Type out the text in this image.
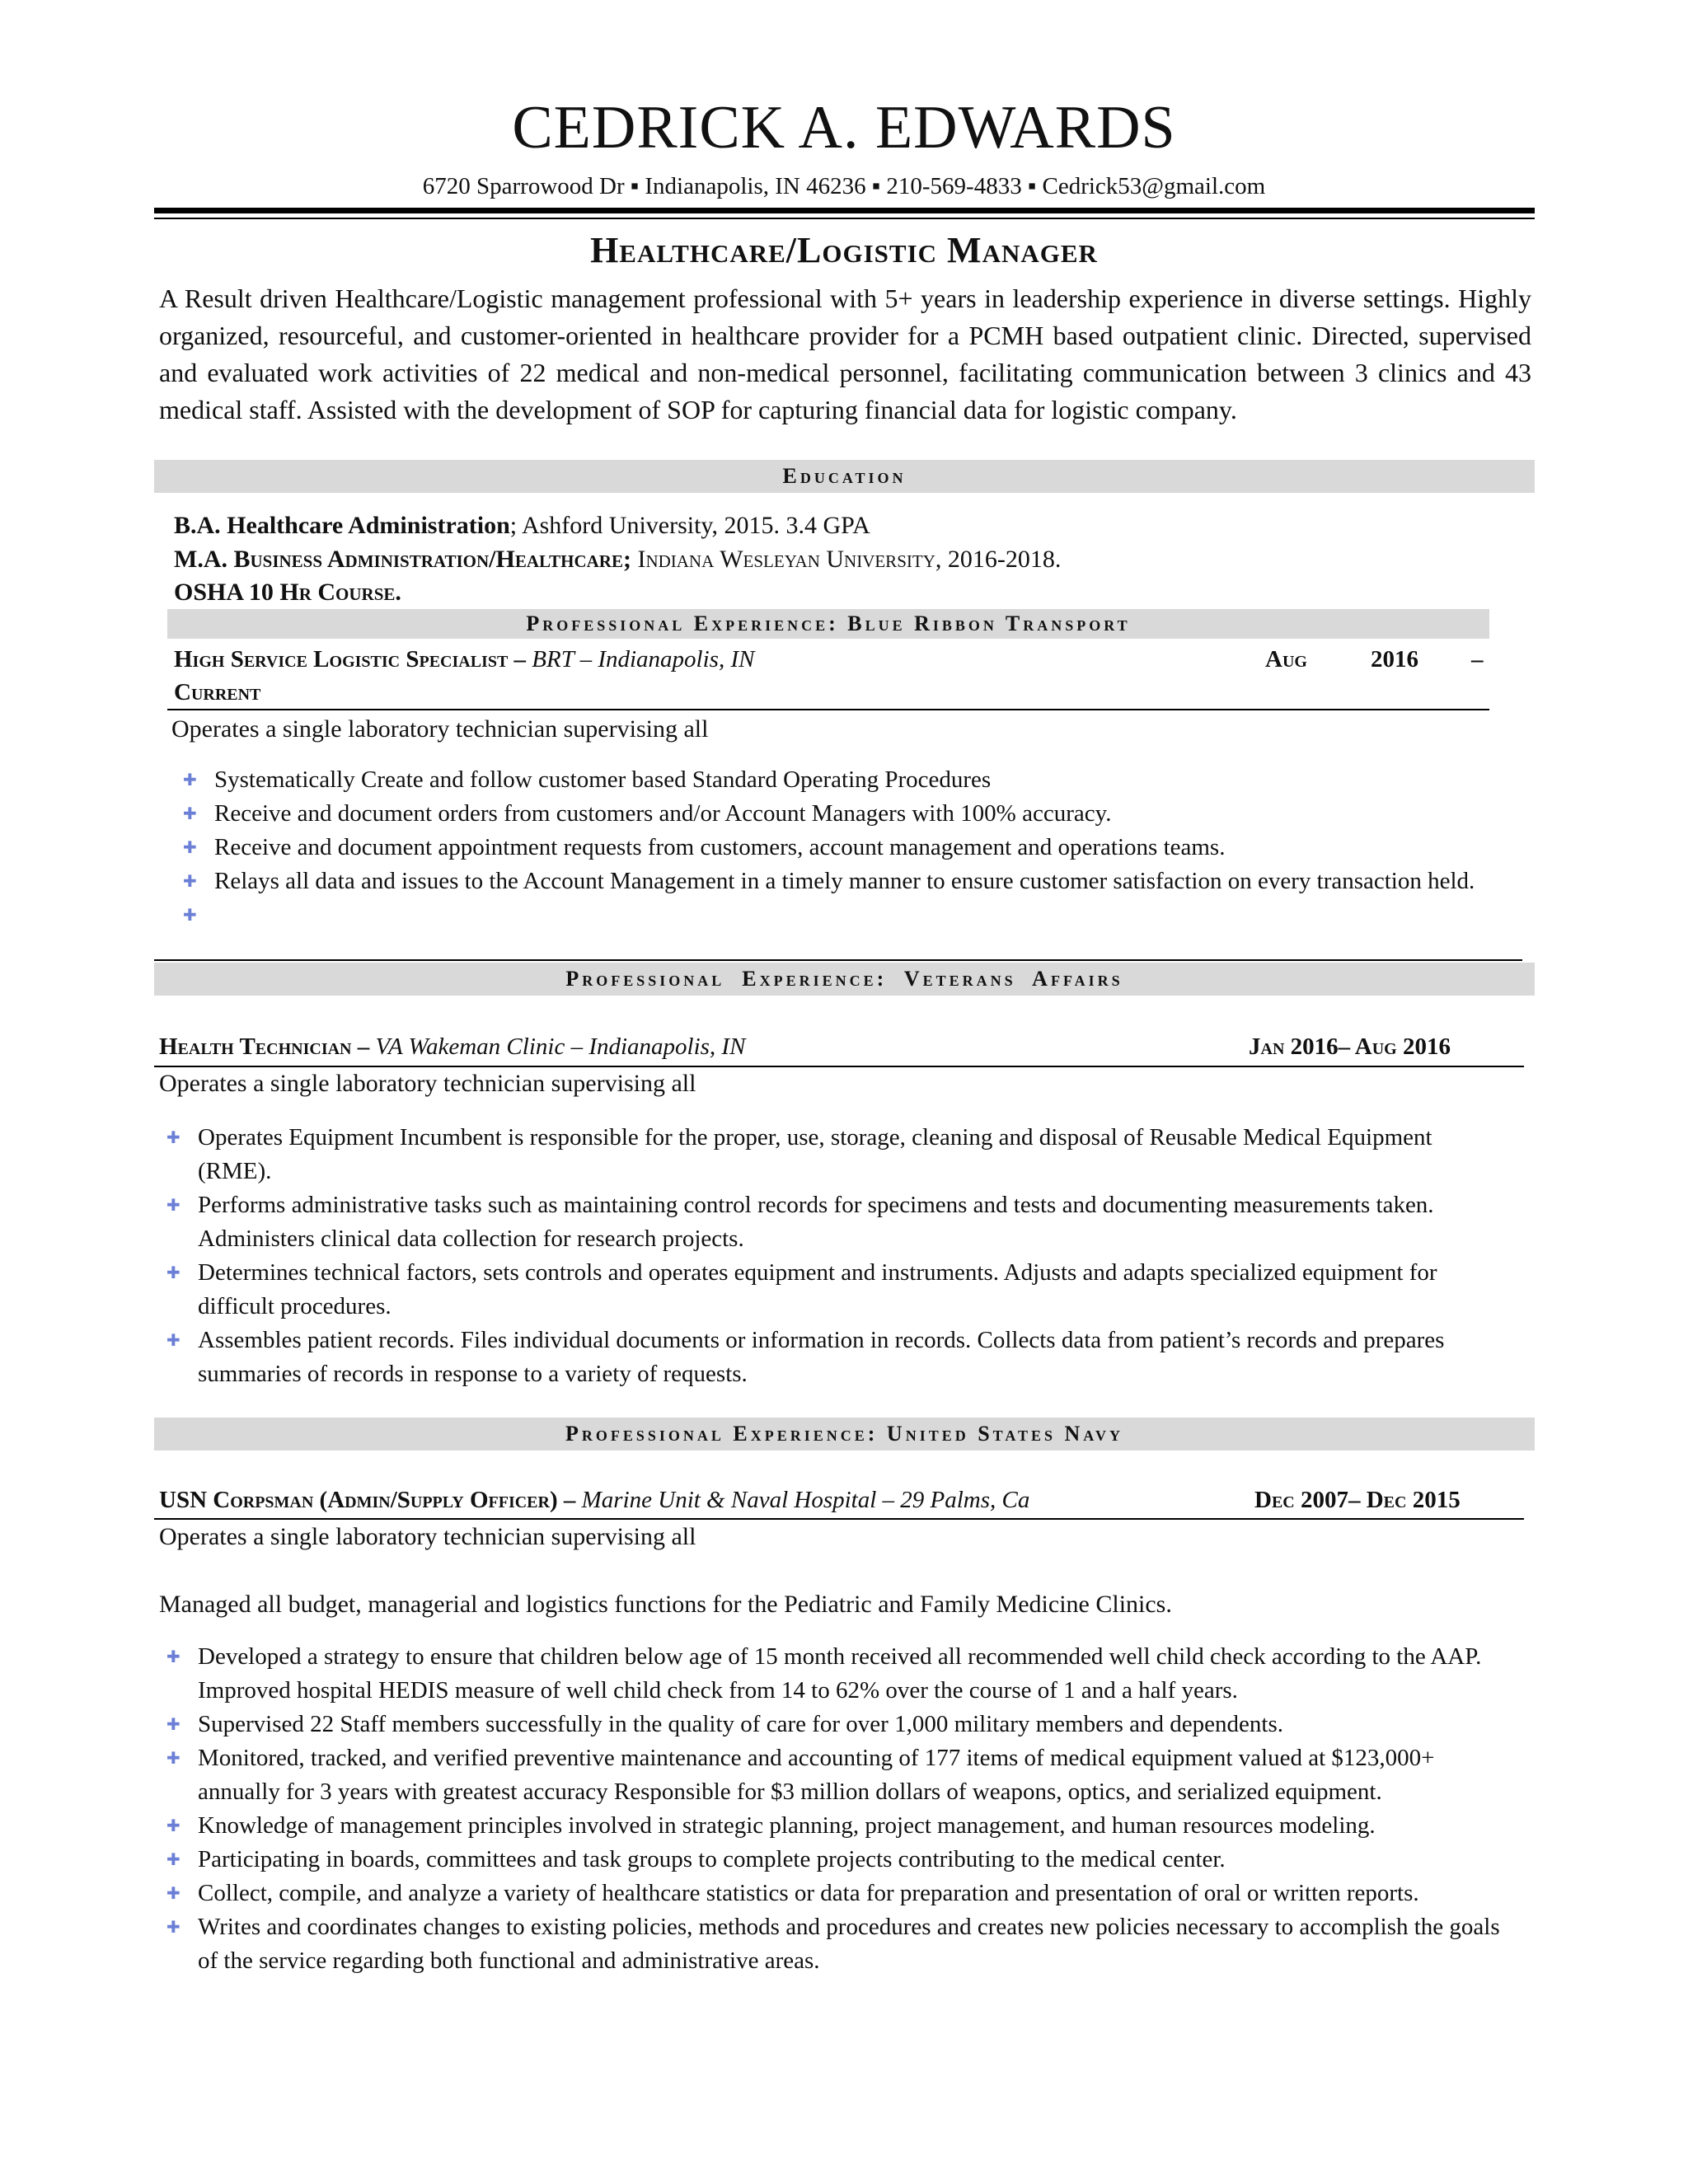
CEDRICK A. EDWARDS
6720 Sparrowood Dr ▪ Indianapolis, IN 46236 ▪ 210-569-4833 ▪ Cedrick53@gmail.com
Healthcare/Logistic Manager

A Result driven Healthcare/Logistic management professional with 5+ years in leadership experience in diverse settings. Highly organized, resourceful, and customer-oriented in healthcare provider for a PCMH based outpatient clinic. Directed, supervised and evaluated work activities of 22 medical and non-medical personnel, facilitating communication between 3 clinics and 43 medical staff. Assisted with the development of SOP for capturing financial data for logistic company.

Education
B.A. Healthcare Administration; Ashford University, 2015. 3.4 GPA
M.A. Business Administration/Healthcare; Indiana Wesleyan University, 2016-2018.
OSHA 10 Hr Course.
Professional Experience: Blue Ribbon Transport
High Service Logistic Specialist – BRT – Indianapolis, IN	Aug	2016 –
Current
Operates a single laboratory technician supervising all
✚ Systematically Create and follow customer based Standard Operating Procedures
✚ Receive and document orders from customers and/or Account Managers with 100% accuracy.
✚ Receive and document appointment requests from customers, account management and operations teams.
✚ Relays all data and issues to the Account Management in a timely manner to ensure customer satisfaction on every transaction held.
✚
Professional  Experience:  Veterans  Affairs
Health Technician – VA Wakeman Clinic – Indianapolis, IN	Jan 2016– Aug 2016
Operates a single laboratory technician supervising all
✚ Operates Equipment Incumbent is responsible for the proper, use, storage, cleaning and disposal of Reusable Medical Equipment (RME).
✚ Performs administrative tasks such as maintaining control records for specimens and tests and documenting measurements taken. Administers clinical data collection for research projects.
✚ Determines technical factors, sets controls and operates equipment and instruments. Adjusts and adapts specialized equipment for difficult procedures.
✚ Assembles patient records. Files individual documents or information in records. Collects data from patient’s records and prepares summaries of records in response to a variety of requests.
Professional Experience: United States Navy
USN Corpsman (Admin/Supply Officer) – Marine Unit & Naval Hospital – 29 Palms, Ca	Dec 2007– Dec 2015
Operates a single laboratory technician supervising all
Managed all budget, managerial and logistics functions for the Pediatric and Family Medicine Clinics.
✚ Developed a strategy to ensure that children below age of 15 month received all recommended well child check according to the AAP. Improved hospital HEDIS measure of well child check from 14 to 62% over the course of 1 and a half years.
✚ Supervised 22 Staff members successfully in the quality of care for over 1,000 military members and dependents.
✚ Monitored, tracked, and verified preventive maintenance and accounting of 177 items of medical equipment valued at $123,000+ annually for 3 years with greatest accuracy Responsible for $3 million dollars of weapons, optics, and serialized equipment.
✚ Knowledge of management principles involved in strategic planning, project management, and human resources modeling.
✚ Participating in boards, committees and task groups to complete projects contributing to the medical center.
✚ Collect, compile, and analyze a variety of healthcare statistics or data for preparation and presentation of oral or written reports.
✚ Writes and coordinates changes to existing policies, methods and procedures and creates new policies necessary to accomplish the goals of the service regarding both functional and administrative areas.
